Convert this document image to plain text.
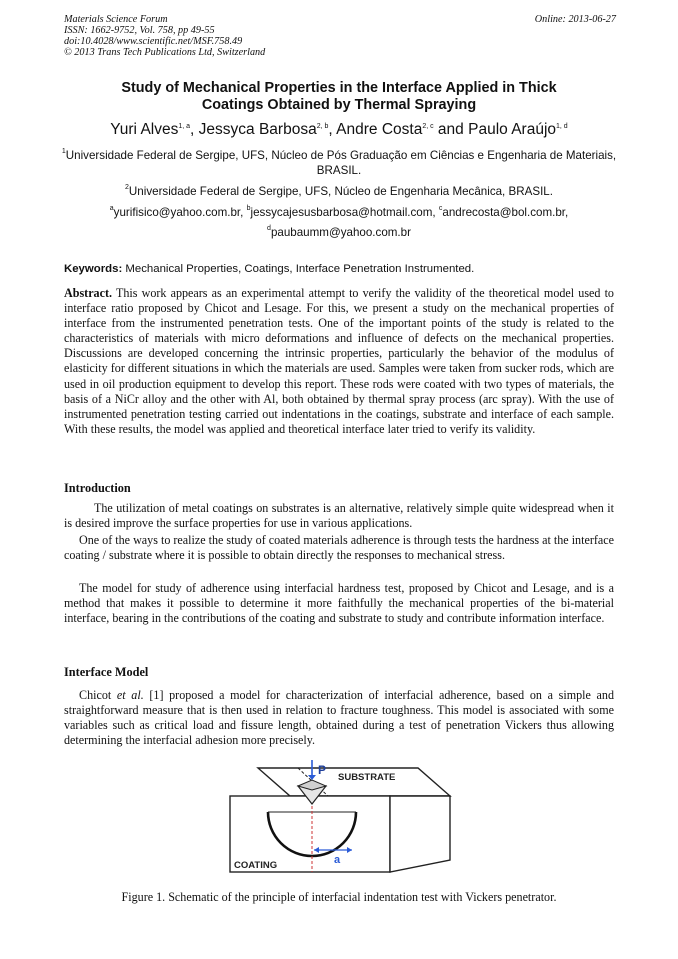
Materials Science Forum
ISSN: 1662-9752, Vol. 758, pp 49-55
doi:10.4028/www.scientific.net/MSF.758.49
© 2013 Trans Tech Publications Ltd, Switzerland
Online: 2013-06-27
Study of Mechanical Properties in the Interface Applied in Thick
Coatings Obtained by Thermal Spraying
Yuri Alves$^{1, a}$, Jessyca Barbosa$^{2, b}$, Andre Costa$^{2, c}$ and Paulo Araújo$^{1, d}$
$^1$Universidade Federal de Sergipe, UFS, Núcleo de Pós Graduação em Ciências e Engenharia de Materiais, BRASIL.
$^2$Universidade Federal de Sergipe, UFS, Núcleo de Engenharia Mecânica, BRASIL.
$^a$yurifisico@yahoo.com.br, $^b$jessycajesusbarbosa@hotmail.com, $^c$andrecosta@bol.com.br,
$^d$paubaumm@yahoo.com.br
Keywords: Mechanical Properties, Coatings, Interface Penetration Instrumented.
Abstract. This work appears as an experimental attempt to verify the validity of the theoretical model used to interface ratio proposed by Chicot and Lesage. For this, we present a study on the mechanical properties of interface from the instrumented penetration tests. One of the important points of the study is related to the characteristics of materials with micro deformations and influence of defects on the mechanical properties. Discussions are developed concerning the intrinsic properties, particularly the behavior of the modulus of elasticity for different situations in which the materials are used. Samples were taken from sucker rods, which are used in oil production equipment to develop this report. These rods were coated with two types of materials, the basis of a NiCr alloy and the other with Al, both obtained by thermal spray process (arc spray). With the use of instrumented penetration testing carried out indentations in the coatings, substrate and interface of each sample. With these results, the model was applied and theoretical interface later tried to verify its validity.
Introduction
The utilization of metal coatings on substrates is an alternative, relatively simple quite widespread when it is desired improve the surface properties for use in various applications.
One of the ways to realize the study of coated materials adherence is through tests the hardness at the interface coating / substrate where it is possible to obtain directly the responses to mechanical stress.
The model for study of adherence using interfacial hardness test, proposed by Chicot and Lesage, and is a method that makes it possible to determine it more faithfully the mechanical properties of the bi-material interface, bearing in the contributions of the coating and substrate to study and contribute information interface.
Interface Model
Chicot et al. [1] proposed a model for characterization of interfacial adherence, based on a simple and straightforward measure that is then used in relation to fracture toughness. This model is associated with some variables such as critical load and fissure length, obtained during a test of penetration Vickers thus allowing determining the interfacial adhesion more precisely.
P
SUBSTRATE
COATING	a
Figure 1. Schematic of the principle of interfacial indentation test with Vickers penetrator.
